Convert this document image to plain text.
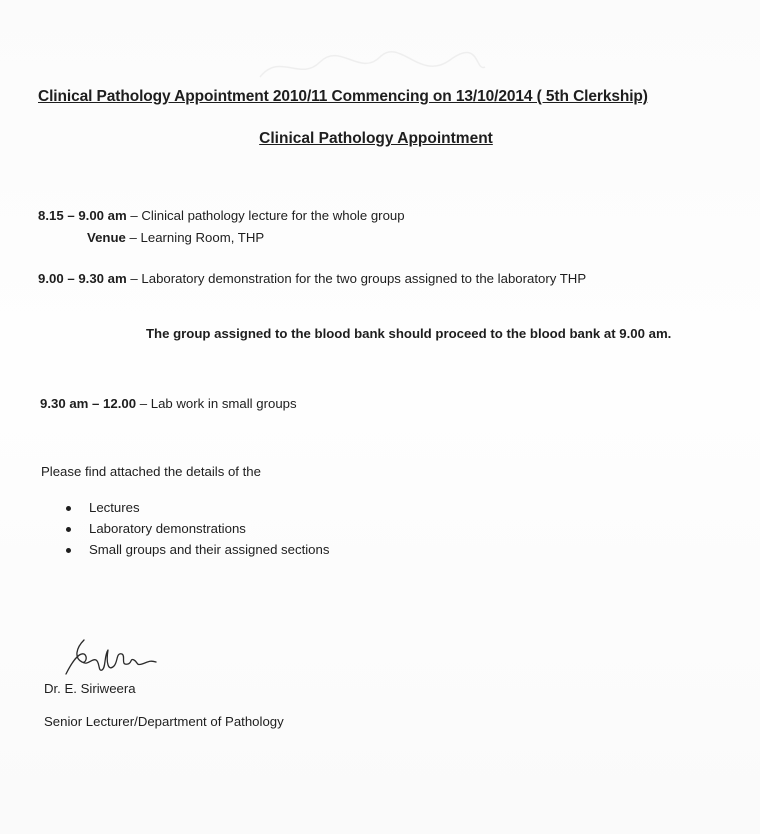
Clinical Pathology Appointment 2010/11 Commencing on 13/10/2014 ( 5th Clerkship)
Clinical Pathology Appointment
8.15 – 9.00 am – Clinical pathology lecture for the whole group
Venue – Learning Room, THP
9.00 – 9.30 am – Laboratory demonstration for the two groups assigned to the laboratory THP
The group assigned to the blood bank should proceed to the blood bank at 9.00 am.
9.30 am – 12.00 – Lab work in small groups
Please find attached the details of the
Lectures
Laboratory demonstrations
Small groups and their assigned sections
Dr. E. Siriweera
Senior Lecturer/Department of Pathology
